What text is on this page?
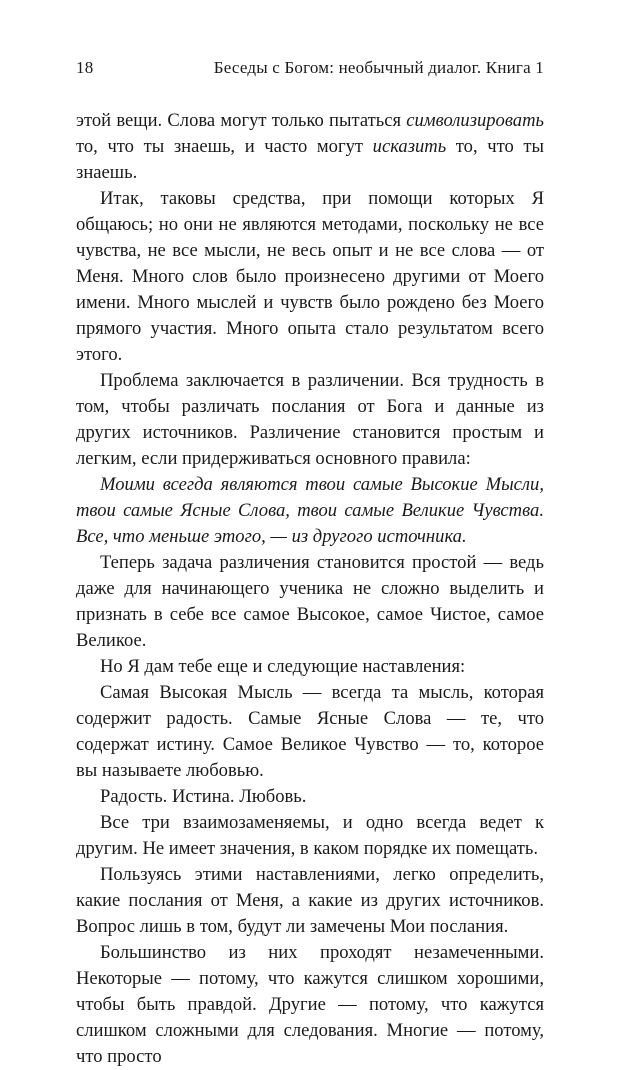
18	Беседы с Богом: необычный диалог. Книга 1

этой вещи. Слова могут только пытаться символизировать то, что ты знаешь, и часто могут исказить то, что ты знаешь.

Итак, таковы средства, при помощи которых Я общаюсь; но они не являются методами, поскольку не все чувства, не все мысли, не весь опыт и не все слова — от Меня. Много слов было произнесено другими от Моего имени. Много мыслей и чувств было рождено без Моего прямого участия. Много опыта стало результатом всего этого.

Проблема заключается в различении. Вся трудность в том, чтобы различать послания от Бога и данные из других источников. Различение становится простым и легким, если придерживаться основного правила:

Моими всегда являются твои самые Высокие Мысли, твои самые Ясные Слова, твои самые Великие Чувства. Все, что меньше этого, — из другого источника.

Теперь задача различения становится простой — ведь даже для начинающего ученика не сложно выделить и признать в себе все самое Высокое, самое Чистое, самое Великое.

Но Я дам тебе еще и следующие наставления:

Самая Высокая Мысль — всегда та мысль, которая содержит радость. Самые Ясные Слова — те, что содержат истину. Самое Великое Чувство — то, которое вы называете любовью.

Радость. Истина. Любовь.

Все три взаимозаменяемы, и одно всегда ведет к другим. Не имеет значения, в каком порядке их помещать.

Пользуясь этими наставлениями, легко определить, какие послания от Меня, а какие из других источников. Вопрос лишь в том, будут ли замечены Мои послания.

Большинство из них проходят незамеченными. Некоторые — потому, что кажутся слишком хорошими, чтобы быть правдой. Другие — потому, что кажутся слишком сложными для следования. Многие — потому, что просто
